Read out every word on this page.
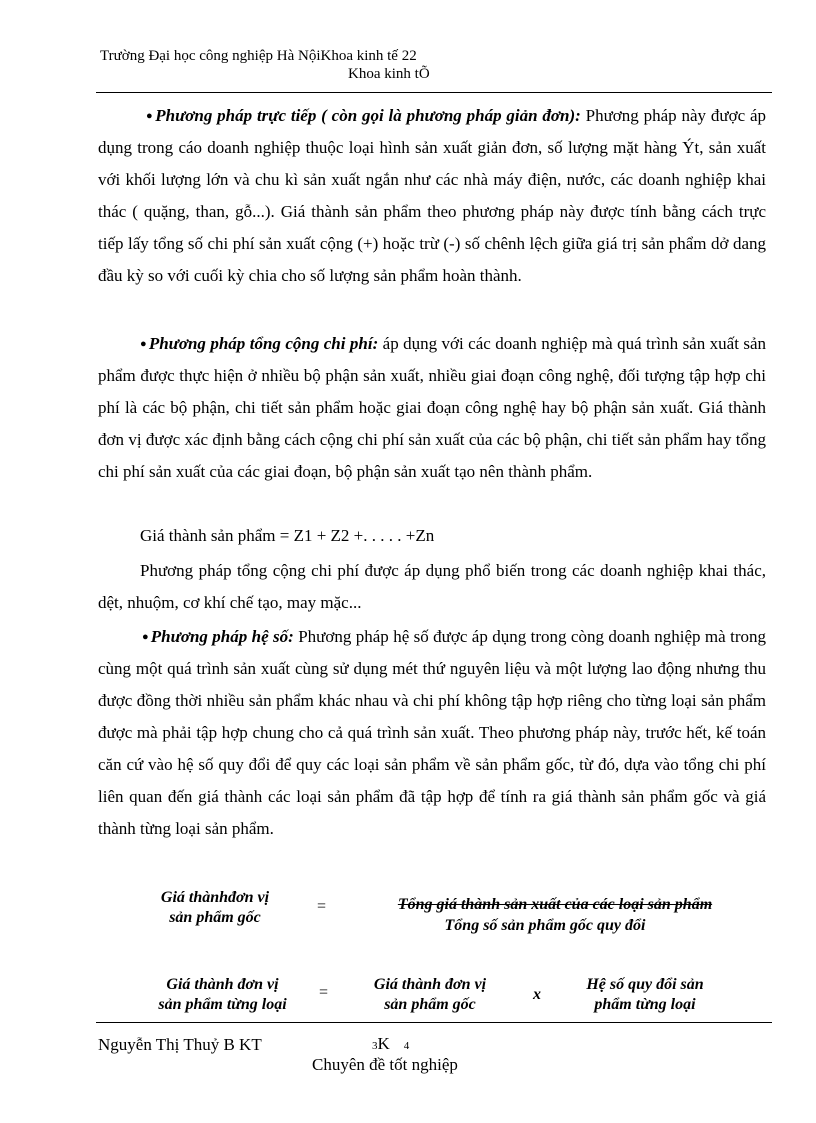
Trường Đại học công nghiệp Hà NộiKhoa kinh tế 22
Khoa kinh tÕ
● Phương pháp trực tiếp ( còn gọi là phương pháp giản đơn): Phương pháp này được áp dụng trong cáo doanh nghiệp thuộc loại hình sản xuất giản đơn, số lượng mặt hàng Ýt, sản xuất với khối lượng lớn và chu kì sản xuất ngắn như các nhà máy điện, nước, các doanh nghiệp khai thác ( quặng, than, gỗ...). Giá thành sản phẩm theo phương pháp này được tính bằng cách trực tiếp lấy tổng số chi phí sản xuất cộng (+) hoặc trừ (-) số chênh lệch giữa giá trị sản phẩm dở dang đầu kỳ so với cuối kỳ chia cho số lượng sản phẩm hoàn thành.
● Phương pháp tổng cộng chi phí: áp dụng với các doanh nghiệp mà quá trình sản xuất sản phẩm được thực hiện ở nhiều bộ phận sản xuất, nhiều giai đoạn công nghệ, đối tượng tập hợp chi phí là các bộ phận, chi tiết sản phẩm hoặc giai đoạn công nghệ hay bộ phận sản xuất. Giá thành đơn vị được xác định bằng cách cộng chi phí sản xuất của các bộ phận, chi tiết sản phẩm hay tổng chi phí sản xuất của các giai đoạn, bộ phận sản xuất tạo nên thành phẩm.
Giá thành sản phẩm = Z1 + Z2 +. . . . . +Zn
Phương pháp tổng cộng chi phí được áp dụng phổ biến trong các doanh nghiệp khai thác, dệt, nhuộm, cơ khí chế tạo, may mặc...
● Phương pháp hệ số: Phương pháp hệ số được áp dụng trong còng doanh nghiệp mà trong cùng một quá trình sản xuất cùng sử dụng mét thứ nguyên liệu và một lượng lao động nhưng thu được đồng thời nhiều sản phẩm khác nhau và chi phí không tập hợp riêng cho từng loại sản phẩm được mà phải tập hợp chung cho cả quá trình sản xuất. Theo phương pháp này, trước hết, kế toán căn cứ vào hệ số quy đổi để quy các loại sản phẩm về sản phẩm gốc, từ đó, dựa vào tổng chi phí liên quan đến giá thành các loại sản phẩm đã tập hợp để tính ra giá thành sản phẩm gốc và giá thành từng loại sản phẩm.
Giá thànhđơn vị
sản phẩm gốc
=	Tổng giá thành sản xuất của các loại sản phẩm
Tổng số sản phẩm gốc quy đổi
Giá thành đơn vị
sản phẩm từng loại
=	Giá thành đơn vị
sản phẩm gốc
x
Hệ số quy đổi sản
phẩm từng loại
Nguyễn Thị Thuỷ B KT	3K 4
Chuyên đề tốt nghiệp
